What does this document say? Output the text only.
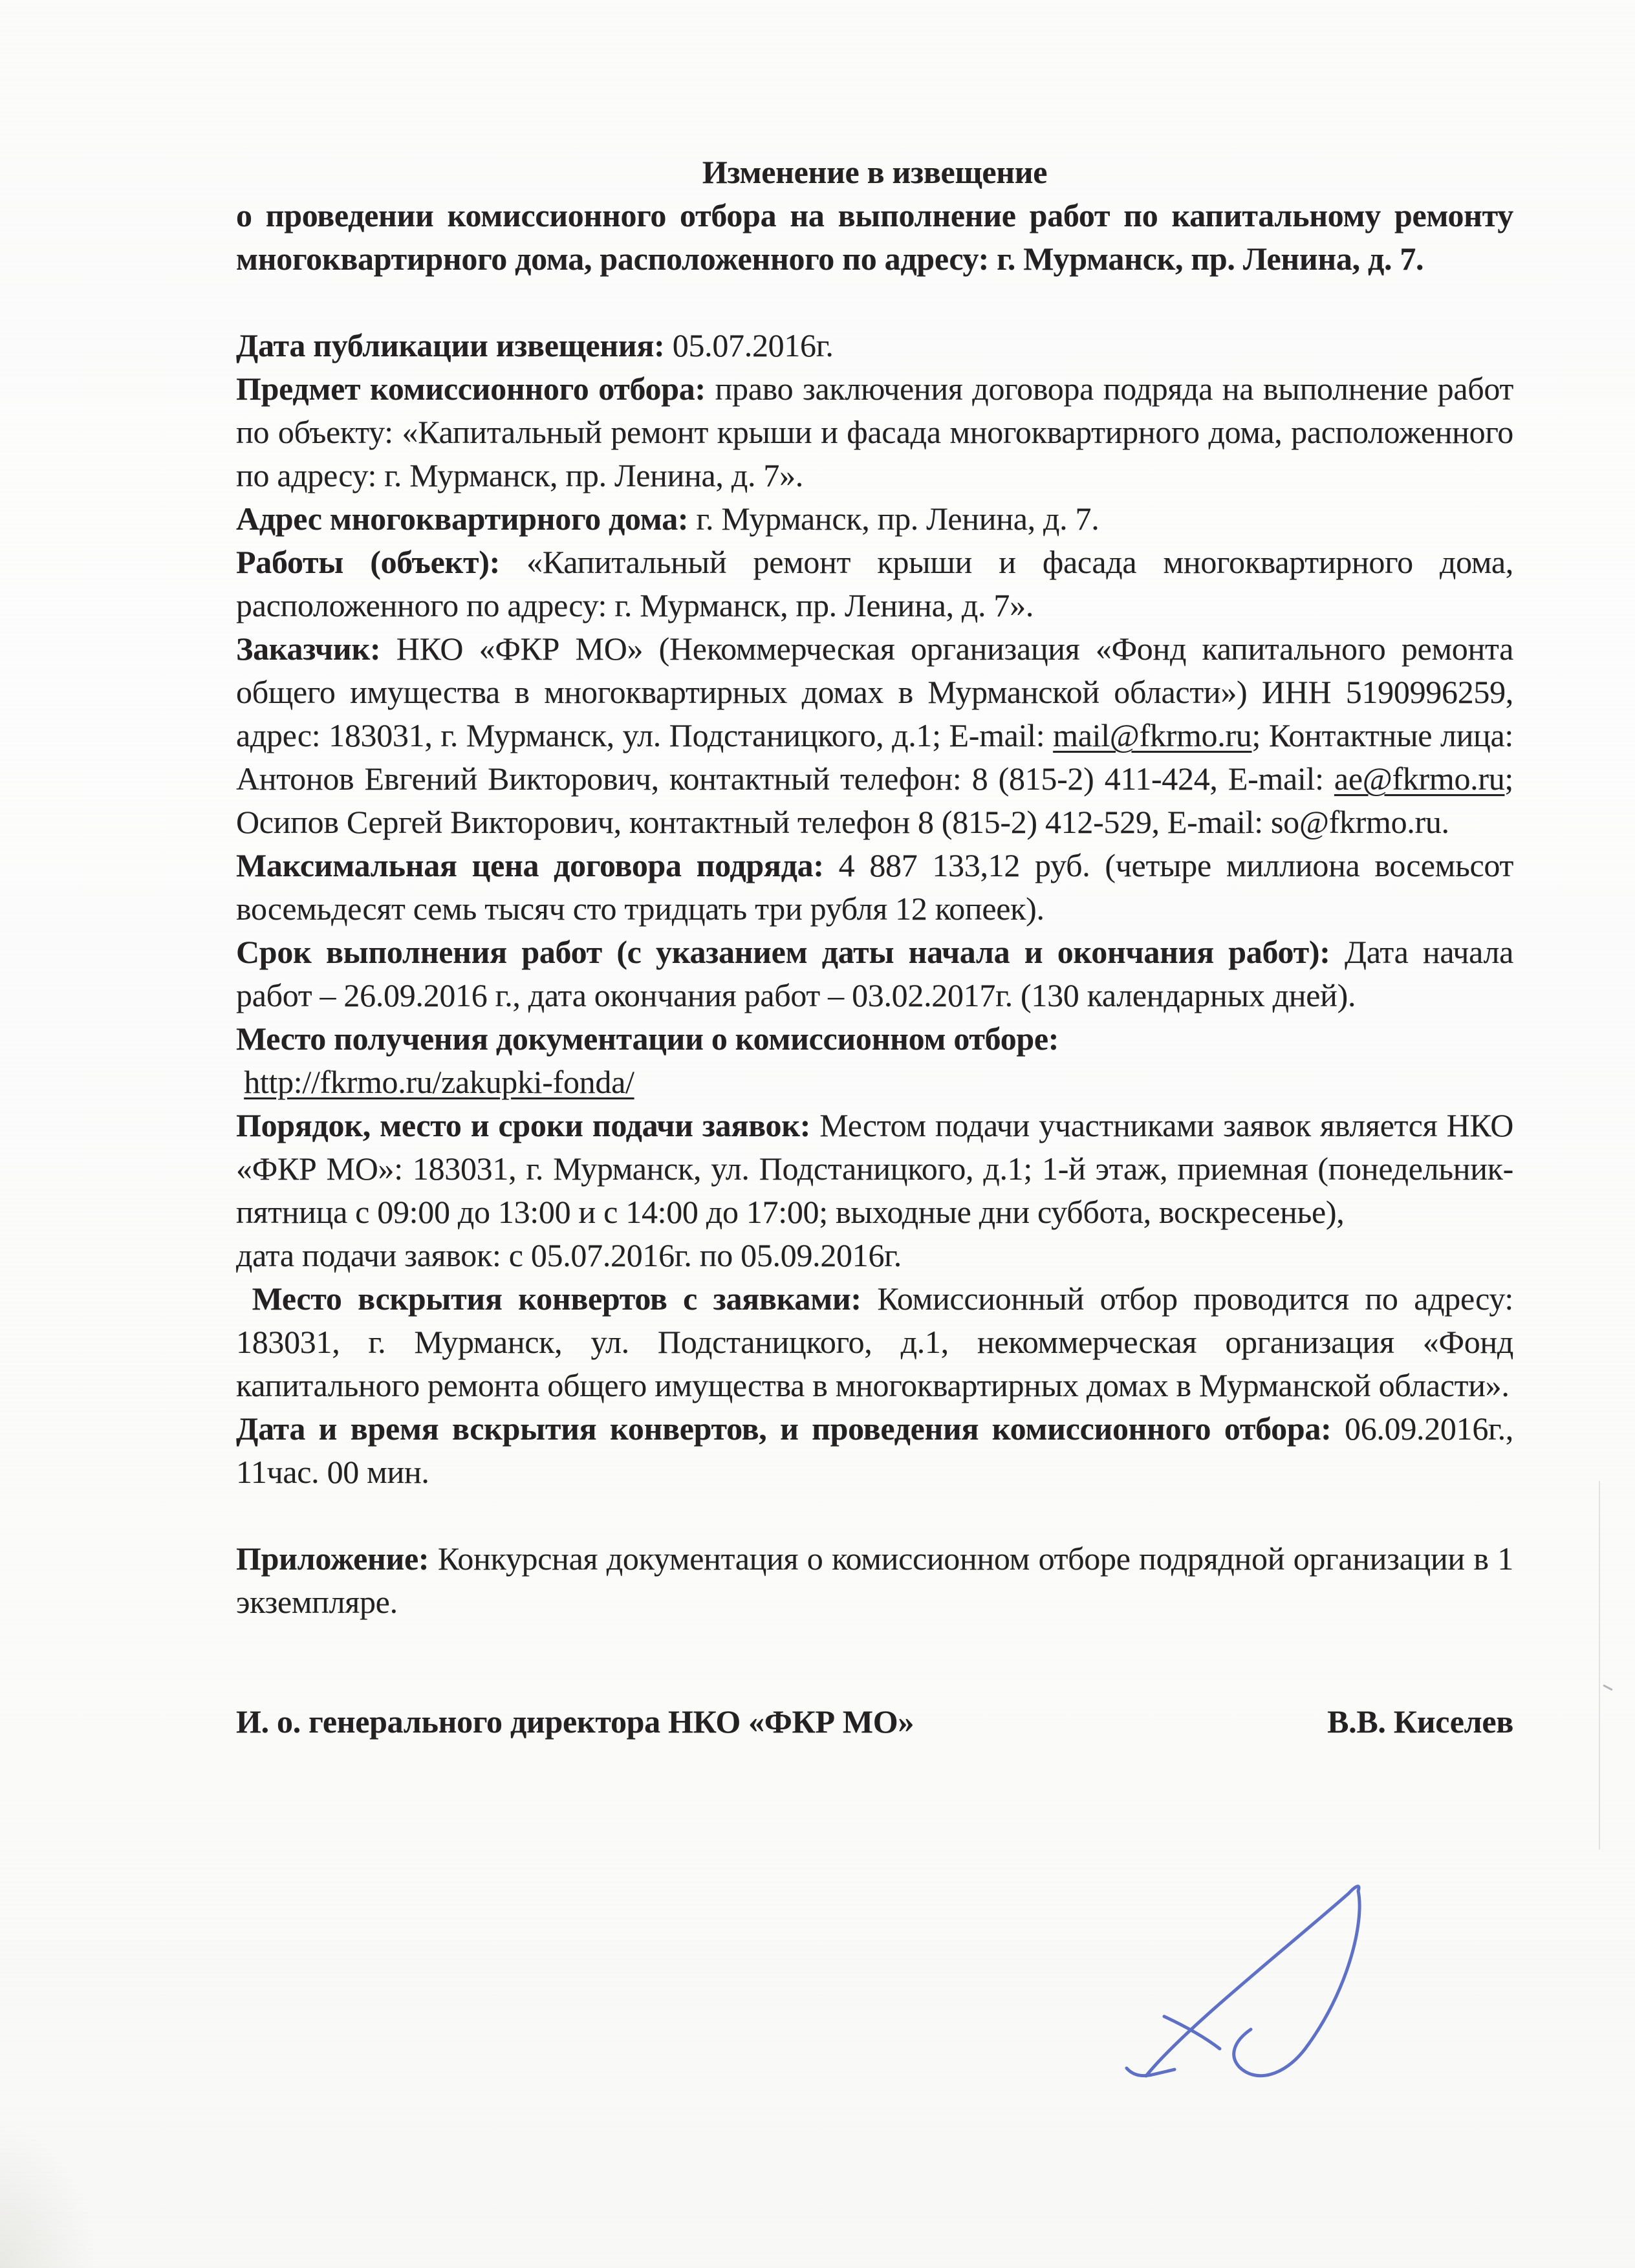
Изменение в извещение
о проведении комиссионного отбора на выполнение работ по капитальному ремонту многоквартирного дома, расположенного по адресу: г. Мурманск, пр. Ленина, д. 7.

Дата публикации извещения: 05.07.2016г.

Предмет комиссионного отбора: право заключения договора подряда на выполнение работ по объекту: «Капитальный ремонт крыши и фасада многоквартирного дома, расположенного по адресу: г. Мурманск, пр. Ленина, д. 7».

Адрес многоквартирного дома: г. Мурманск, пр. Ленина, д. 7.

Работы (объект): «Капитальный ремонт крыши и фасада многоквартирного дома, расположенного по адресу: г. Мурманск, пр. Ленина, д. 7».

Заказчик: НКО «ФКР МО» (Некоммерческая организация «Фонд капитального ремонта общего имущества в многоквартирных домах в Мурманской области») ИНН 5190996259, адрес: 183031, г. Мурманск, ул. Подстаницкого, д.1; E-mail: mail@fkrmo.ru; Контактные лица: Антонов Евгений Викторович, контактный телефон: 8 (815-2) 411-424, E-mail: ae@fkrmo.ru; Осипов Сергей Викторович, контактный телефон 8 (815-2) 412-529, E-mail: so@fkrmo.ru.

Максимальная цена договора подряда: 4 887 133,12 руб. (четыре миллиона восемьсот восемьдесят семь тысяч сто тридцать три рубля 12 копеек).

Срок выполнения работ (с указанием даты начала и окончания работ): Дата начала работ – 26.09.2016 г., дата окончания работ – 03.02.2017г. (130 календарных дней).

Место получения документации о комиссионном отборе:

http://fkrmo.ru/zakupki-fonda/

Порядок, место и сроки подачи заявок: Местом подачи участниками заявок является НКО «ФКР МО»: 183031, г. Мурманск, ул. Подстаницкого, д.1; 1-й этаж, приемная (понедельник- пятница с 09:00 до 13:00 и с 14:00 до 17:00; выходные дни суббота, воскресенье),

дата подачи заявок: с 05.07.2016г. по 05.09.2016г.

Место вскрытия конвертов с заявками: Комиссионный отбор проводится по адресу: 183031, г. Мурманск, ул. Подстаницкого, д.1, некоммерческая организация «Фонд капитального ремонта общего имущества в многоквартирных домах в Мурманской области».

Дата и время вскрытия конвертов, и проведения комиссионного отбора: 06.09.2016г., 11час. 00 мин.

Приложение: Конкурсная документация о комиссионном отборе подрядной организации в 1 экземпляре.

И. о. генерального директора НКО «ФКР МО»	В.В. Киселев
